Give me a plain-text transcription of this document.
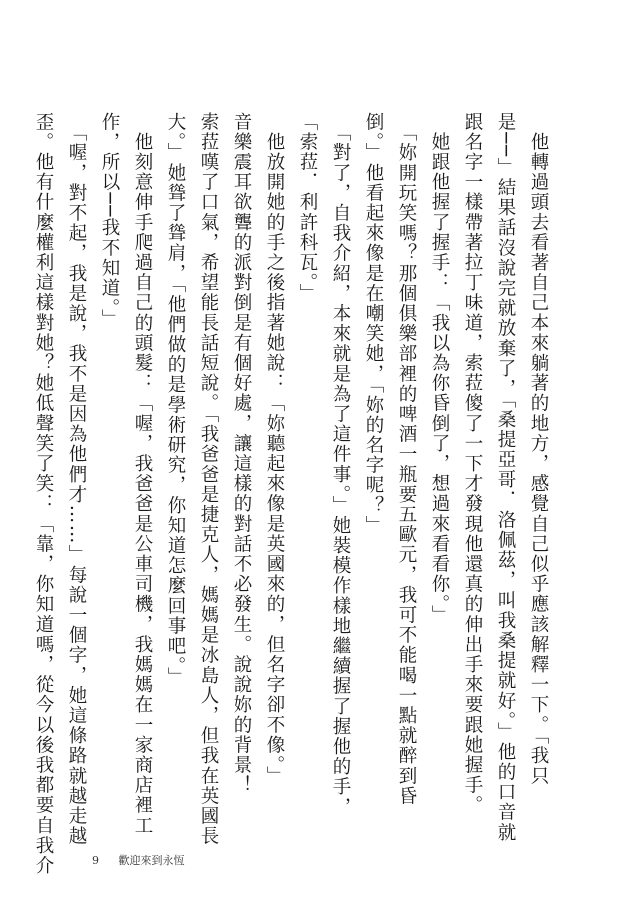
　他轉過頭去看著自己本來躺著的地方，感覺自己似乎應該解釋一下。「我只

是──」結果話沒說完就放棄了，「桑提亞哥．洛佩茲，叫我桑提就好。」他的口音就

跟名字一樣帶著拉丁味道，索菈傻了一下才發現他還真的伸出手來要跟她握手。

　她跟他握了握手：「我以為你昏倒了，想過來看看你。」

　「妳開玩笑嗎？那個俱樂部裡的啤酒一瓶要五歐元，我可不能喝一點就醉到昏

倒。」他看起來像是在嘲笑她，「妳的名字呢？」

　「對了，自我介紹，本來就是為了這件事。」她裝模作樣地繼續握了握他的手，

「索菈．利許科瓦。」

　他放開她的手之後指著她說：「妳聽起來像是英國來的，但名字卻不像。」

音樂震耳欲聾的派對倒是有個好處，讓這樣的對話不必發生。說說妳的背景！

索菈嘆了口氣，希望能長話短說。「我爸爸是捷克人，媽媽是冰島人，但我在英國長

大。」她聳了聳肩，「他們做的是學術研究，你知道怎麼回事吧。」

　他刻意伸手爬過自己的頭髮：「喔，我爸爸是公車司機，我媽媽在一家商店裡工

作，所以──我不知道。」

　「喔，對不起，我是說，我不是因為他們才……」每說一個字，她這條路就越走越

歪。他有什麼權利這樣對她？她低聲笑了笑：「靠，你知道嗎，從今以後我都要自我介	9 歡迎來到永恆
